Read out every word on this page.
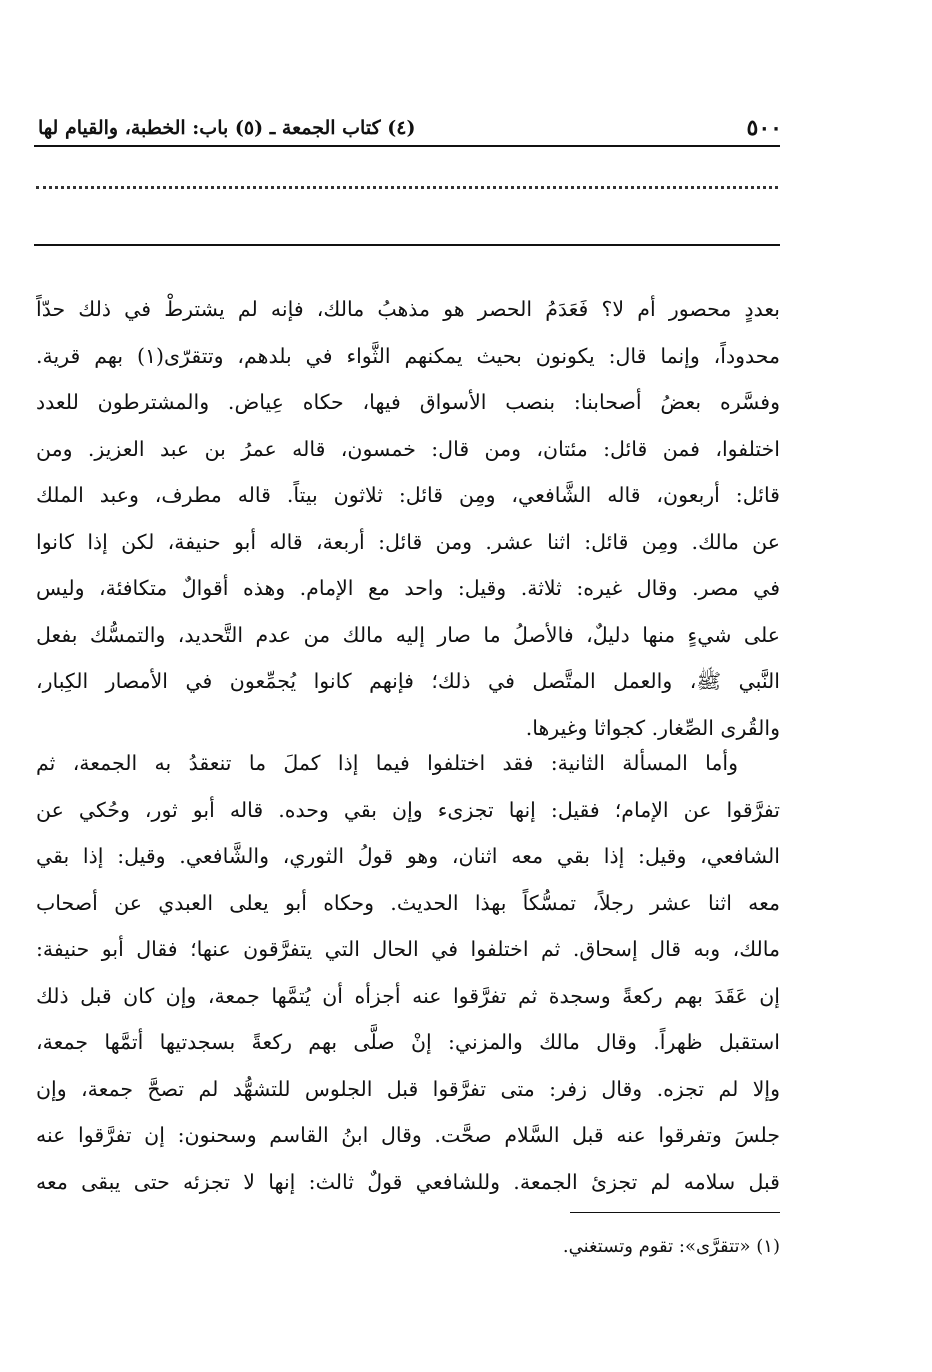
٥٠٠
(٤) كتاب الجمعة ـ (٥) باب: الخطبة، والقيام لها

بعددٍ محصور أم لا؟ فَعَدَمُ الحصر هو مذهبُ مالك، فإنه لم يشترطْ في ذلك حدّاً

محدوداً، وإنما قال: يكونون بحيث يمكنهم الثَّواء في بلدهم، وتتقرّى(١) بهم قرية.

وفسَّره بعضُ أصحابنا: بنصب الأسواق فيها، حكاه عِياض. والمشترطون للعدد

اختلفوا، فمن قائل: مئتان، ومن قال: خمسون، قاله عمرُ بن عبد العزيز. ومن

قائل: أربعون، قاله الشَّافعي، ومِن قائل: ثلاثون بيتاً. قاله مطرف، وعبد الملك

عن مالك. ومِن قائل: اثنا عشر. ومن قائل: أربعة، قاله أبو حنيفة، لكن إذا كانوا

في مصر. وقال غيره: ثلاثة. وقيل: واحد مع الإمام. وهذه أقوالٌ متكافئة، وليس

على شيءٍ منها دليلٌ، فالأصلُ ما صار إليه مالك من عدم التَّحديد، والتمسُّك بفعل

النَّبي ﷺ، والعمل المتَّصل في ذلك؛ فإنهم كانوا يُجمِّعون في الأمصار الكِبار،

والقُرى الصِّغار. كجواثا وغيرها.

وأما المسألة الثانية: فقد اختلفوا فيما إذا كملَ ما تنعقدُ به الجمعة، ثم

تفرَّقوا عن الإمام؛ فقيل: إنها تجزىء وإن بقي وحده. قاله أبو ثور، وحُكي عن

الشافعي، وقيل: إذا بقي معه اثنان، وهو قولُ الثوري، والشَّافعي. وقيل: إذا بقي

معه اثنا عشر رجلاً، تمسُّكاً بهذا الحديث. وحكاه أبو يعلى العبدي عن أصحاب

مالك، وبه قال إسحاق. ثم اختلفوا في الحال التي يتفرَّقون عنها؛ فقال أبو حنيفة:

إن عَقَدَ بهم ركعةً وسجدة ثم تفرَّقوا عنه أجزأه أن يُتمَّها جمعة، وإن كان قبل ذلك

استقبل ظهراً. وقال مالك والمزني: إنْ صلَّى بهم ركعةً بسجدتيها أتمَّها جمعة،

وإلا لم تجزه. وقال زفر: متى تفرَّقوا قبل الجلوس للتشهُّد لم تصحَّ جمعة، وإن

جلسَ وتفرقوا عنه قبل السَّلام صحَّت. وقال ابنُ القاسم وسحنون: إن تفرَّقوا عنه

قبل سلامه لم تجزئ الجمعة. وللشافعي قولٌ ثالث: إنها لا تجزئه حتى يبقى معه

(١) «تتقرَّى»: تقوم وتستغني.
